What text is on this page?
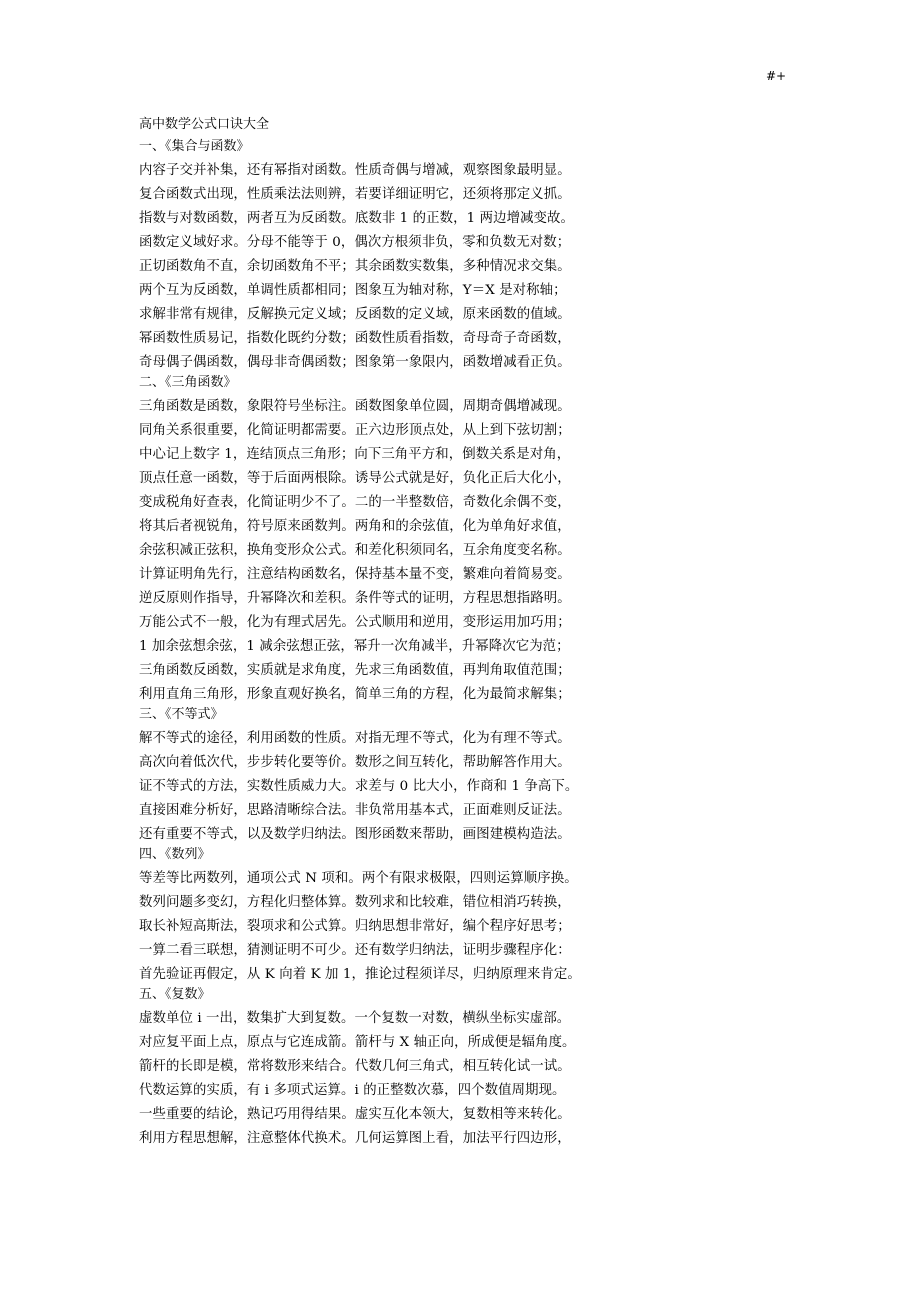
#+
高中数学公式口诀大全
一、《集合与函数》
内容子交并补集，还有幂指对函数。性质奇偶与增减，观察图象最明显。
复合函数式出现，性质乘法法则辨，若要详细证明它，还须将那定义抓。
指数与对数函数，两者互为反函数。底数非 1 的正数，1 两边增减变故。
函数定义域好求。分母不能等于 0，偶次方根须非负，零和负数无对数；
正切函数角不直，余切函数角不平；其余函数实数集，多种情况求交集。
两个互为反函数，单调性质都相同；图象互为轴对称，Y＝X 是对称轴；
求解非常有规律，反解换元定义域；反函数的定义域，原来函数的值域。
幂函数性质易记，指数化既约分数；函数性质看指数，奇母奇子奇函数，
奇母偶子偶函数，偶母非奇偶函数；图象第一象限内，函数增减看正负。
二、《三角函数》
三角函数是函数，象限符号坐标注。函数图象单位圆，周期奇偶增减现。
同角关系很重要，化简证明都需要。正六边形顶点处，从上到下弦切割；
中心记上数字 1，连结顶点三角形；向下三角平方和，倒数关系是对角，
顶点任意一函数，等于后面两根除。诱导公式就是好，负化正后大化小，
变成税角好查表，化简证明少不了。二的一半整数倍，奇数化余偶不变，
将其后者视锐角，符号原来函数判。两角和的余弦值，化为单角好求值，
余弦积减正弦积，换角变形众公式。和差化积须同名，互余角度变名称。
计算证明角先行，注意结构函数名，保持基本量不变，繁难向着简易变。
逆反原则作指导，升幂降次和差积。条件等式的证明，方程思想指路明。
万能公式不一般，化为有理式居先。公式顺用和逆用，变形运用加巧用；
1 加余弦想余弦，1 减余弦想正弦，幂升一次角减半，升幂降次它为范；
三角函数反函数，实质就是求角度，先求三角函数值，再判角取值范围；
利用直角三角形，形象直观好换名，简单三角的方程，化为最简求解集；
三、《不等式》
解不等式的途径，利用函数的性质。对指无理不等式，化为有理不等式。
高次向着低次代，步步转化要等价。数形之间互转化，帮助解答作用大。
证不等式的方法，实数性质威力大。求差与 0 比大小，作商和 1 争高下。
直接困难分析好，思路清晰综合法。非负常用基本式，正面难则反证法。
还有重要不等式，以及数学归纳法。图形函数来帮助，画图建模构造法。
四、《数列》
等差等比两数列，通项公式 N 项和。两个有限求极限，四则运算顺序换。
数列问题多变幻，方程化归整体算。数列求和比较难，错位相消巧转换，
取长补短高斯法，裂项求和公式算。归纳思想非常好，编个程序好思考；
一算二看三联想，猜测证明不可少。还有数学归纳法，证明步骤程序化：
首先验证再假定，从 K 向着 K 加 1，推论过程须详尽，归纳原理来肯定。
五、《复数》
虚数单位 i 一出，数集扩大到复数。一个复数一对数，横纵坐标实虚部。
对应复平面上点，原点与它连成箭。箭杆与 X 轴正向，所成便是辐角度。
箭杆的长即是模，常将数形来结合。代数几何三角式，相互转化试一试。
代数运算的实质，有 i 多项式运算。i 的正整数次慕，四个数值周期现。
一些重要的结论，熟记巧用得结果。虚实互化本领大，复数相等来转化。
利用方程思想解，注意整体代换术。几何运算图上看，加法平行四边形，
